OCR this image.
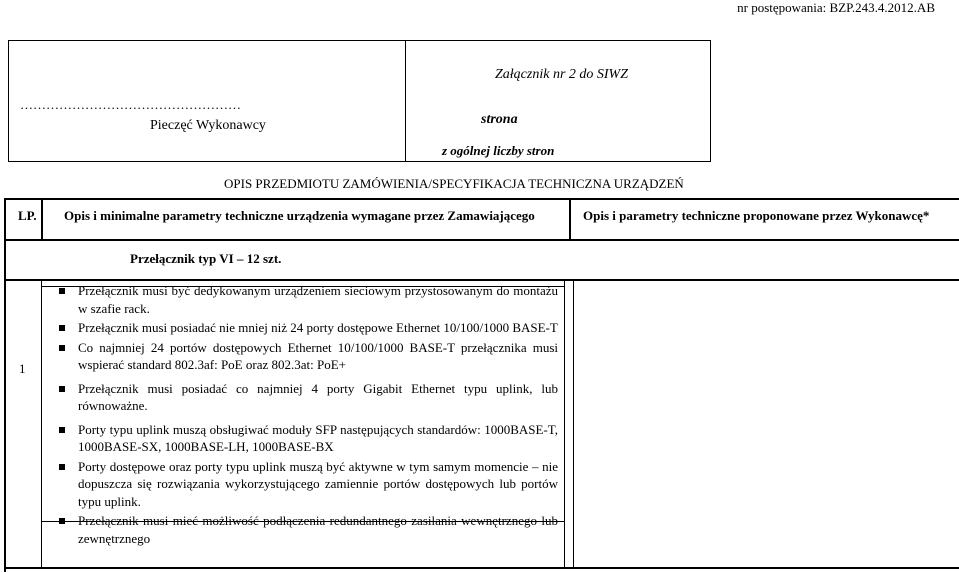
nr postępowania: BZP.243.4.2012.AB
Załącznik nr 2 do SIWZ
……………………………………………
Pieczęć Wykonawcy	strona
z ogólnej liczby stron
OPIS PRZEDMIOTU ZAMÓWIENIA/SPECYFIKACJA TECHNICZNA URZĄDZEŃ
LP. Opis i minimalne parametry techniczne urządzenia wymagane przez Zamawiającego	Opis i parametry techniczne proponowane przez Wykonawcę*
Przełącznik typ VI – 12 szt.
1
Przełącznik musi być dedykowanym urządzeniem sieciowym przystosowanym do montażu w szafie rack.
Przełącznik musi posiadać nie mniej niż 24 porty dostępowe Ethernet 10/100/1000 BASE-T
Co najmniej 24 portów dostępowych Ethernet 10/100/1000 BASE-T przełącznika musi wspierać standard 802.3af: PoE oraz 802.3at: PoE+
Przełącznik musi posiadać co najmniej 4 porty Gigabit Ethernet typu uplink, lub równoważne.
Porty typu uplink muszą obsługiwać moduły SFP następujących standardów: 1000BASE-T, 1000BASE-SX, 1000BASE-LH, 1000BASE-BX
Porty dostępowe oraz porty typu uplink muszą być aktywne w tym samym momencie – nie dopuszcza się rozwiązania wykorzystującego zamiennie portów dostępowych lub portów typu uplink.
Przełącznik musi mieć możliwość podłączenia redundantnego zasilania wewnętrznego lub zewnętrznego
